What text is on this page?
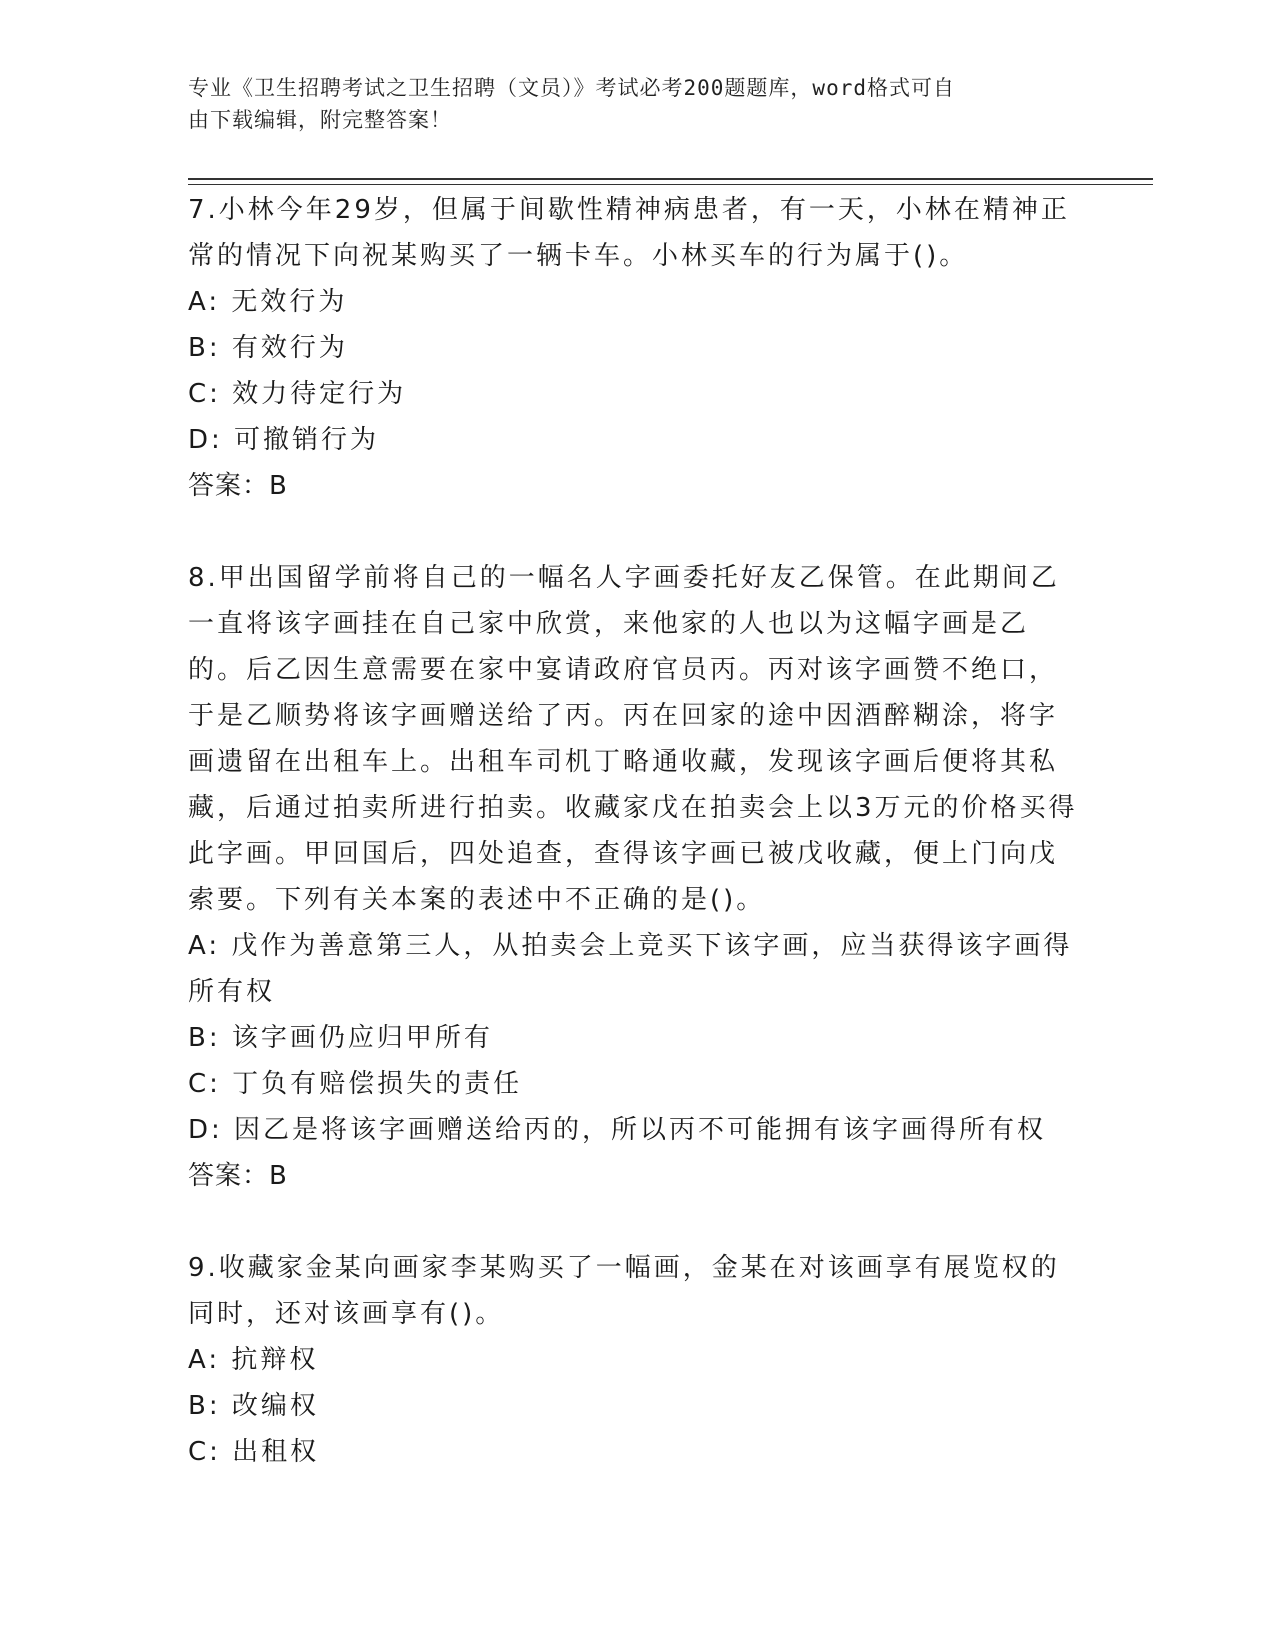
专业《卫生招聘考试之卫生招聘（文员）》考试必考200题题库，word格式可自
由下载编辑，附完整答案！

7.小林今年29岁，但属于间歇性精神病患者，有一天，小林在精神正常的情况下向祝某购买了一辆卡车。小林买车的行为属于()。

A: 无效行为

B: 有效行为

C: 效力待定行为

D: 可撤销行为

答案：B

8.甲出国留学前将自己的一幅名人字画委托好友乙保管。在此期间乙一直将该字画挂在自己家中欣赏，来他家的人也以为这幅字画是乙的。后乙因生意需要在家中宴请政府官员丙。丙对该字画赞不绝口，于是乙顺势将该字画赠送给了丙。丙在回家的途中因酒醉糊涂，将字画遗留在出租车上。出租车司机丁略通收藏，发现该字画后便将其私藏，后通过拍卖所进行拍卖。收藏家戊在拍卖会上以3万元的价格买得此字画。甲回国后，四处追查，查得该字画已被戊收藏，便上门向戊索要。下列有关本案的表述中不正确的是()。

A: 戊作为善意第三人，从拍卖会上竞买下该字画，应当获得该字画得所有权

B: 该字画仍应归甲所有

C: 丁负有赔偿损失的责任

D: 因乙是将该字画赠送给丙的，所以丙不可能拥有该字画得所有权

答案：B

9.收藏家金某向画家李某购买了一幅画，金某在对该画享有展览权的同时，还对该画享有()。

A: 抗辩权

B: 改编权

C: 出租权
